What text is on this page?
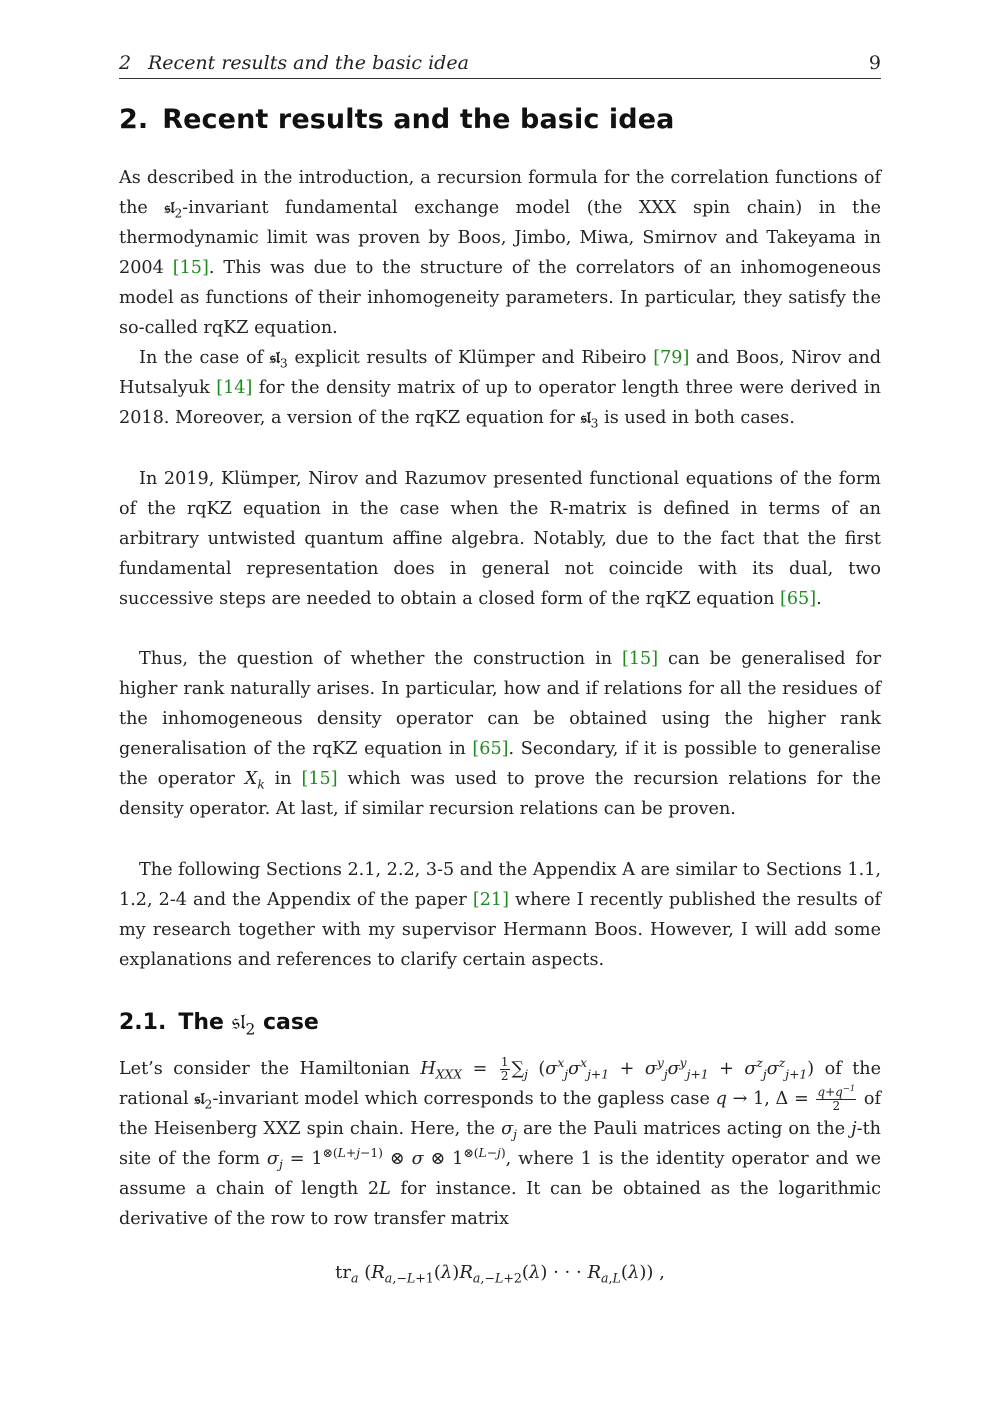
2 Recent results and the basic idea	9
2. Recent results and the basic idea

As described in the introduction, a recursion formula for the correlation functions of the 𝔰𝔩$_2$-invariant fundamental exchange model (the XXX spin chain) in the thermodynamic limit was proven by Boos, Jimbo, Miwa, Smirnov and Takeyama in 2004 [15]. This was due to the structure of the correlators of an inhomogeneous model as functions of their inhomogeneity parameters. In particular, they satisfy the so-called rqKZ equation.

In the case of 𝔰𝔩$_3$ explicit results of Klümper and Ribeiro [79] and Boos, Nirov and Hutsalyuk [14] for the density matrix of up to operator length three were derived in 2018. Moreover, a version of the rqKZ equation for 𝔰𝔩$_3$ is used in both cases.

In 2019, Klümper, Nirov and Razumov presented functional equations of the form of the rqKZ equation in the case when the R-matrix is defined in terms of an arbitrary untwisted quantum affine algebra. Notably, due to the fact that the first fundamental representation does in general not coincide with its dual, two successive steps are needed to obtain a closed form of the rqKZ equation [65].

Thus, the question of whether the construction in [15] can be generalised for higher rank naturally arises. In particular, how and if relations for all the residues of the inhomogeneous density operator can be obtained using the higher rank generalisation of the rqKZ equation in [65]. Secondary, if it is possible to generalise the operator $X_k$ in [15] which was used to prove the recursion relations for the density operator. At last, if similar recursion relations can be proven.

The following Sections 2.1, 2.2, 3-5 and the Appendix A are similar to Sections 1.1, 1.2, 2-4 and the Appendix of the paper [21] where I recently published the results of my research together with my supervisor Hermann Boos. However, I will add some explanations and references to clarify certain aspects.

2.1. The 𝔰𝔩$_2$ case

Let’s consider the Hamiltonian $H_{XXX} = \frac{1}{2} \sum_j$ $(\sigma^x_j\sigma^x_{j+1} + \sigma^y_j\sigma^y_{j+1} + \sigma^z_j\sigma^z_{j+1})$ of the rational 𝔰𝔩$_2$-invariant model which corresponds to the gapless case q → 1, $\Delta = \frac{q+q^{-1}}{2}$ of the Heisenberg XXZ spin chain. Here, the $\sigma_j$ are the Pauli matrices acting on the j-th site of the form $\sigma_j = 1^{\otimes(L+j-1)}$ ⊗ σ ⊗ $1^{\otimes(L-j)}$, where 1 is the identity operator and we assume a chain of length 2L for instance. It can be obtained as the logarithmic derivative of the row to row transfer matrix

$tr_a$ ($R_{a,-L+1}(\lambda)R_{a,-L+2}(\lambda)$ · · · $R_{a,L}(\lambda)$) ,
